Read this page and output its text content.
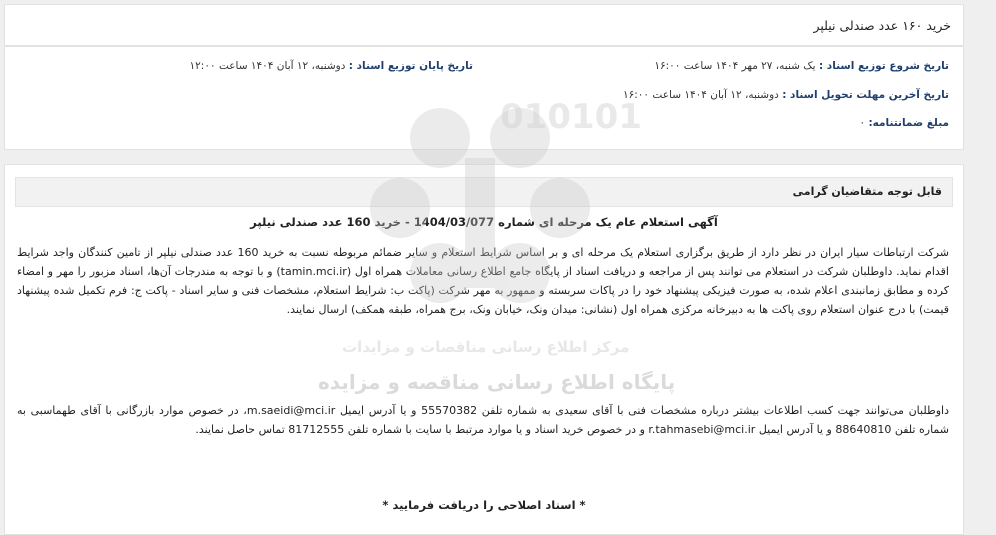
خرید ۱۶۰ عدد صندلی نیلپر
تاریخ شروع توزیع اسناد : یک شنبه، ۲۷ مهر ۱۴۰۴ ساعت ۱۶:۰۰
تاریخ پایان توزیع اسناد : دوشنبه، ۱۲ آبان ۱۴۰۴ ساعت ۱۲:۰۰
تاریخ آخرین مهلت تحویل اسناد : دوشنبه، ۱۲ آبان ۱۴۰۴ ساعت ۱۶:۰۰
مبلغ ضمانتنامه: ۰
قابل توجه متقاضیان گرامی
آگهی استعلام عام یک مرحله ای شماره 1404/03/077 - خرید 160 عدد صندلی نیلپر
شرکت ارتباطات سیار ایران در نظر دارد از طریق برگزاری استعلام یک مرحله ای و بر اساس شرایط استعلام و سایر ضمائم مربوطه نسبت به خرید 160 عدد صندلی نیلپر از تامین کنندگان واجد شرایط اقدام نماید. داوطلبان شرکت در استعلام می توانند پس از مراجعه و دریافت اسناد از پایگاه جامع اطلاع رسانی معاملات همراه اول (tamin.mci.ir) و با توجه به مندرجات آن‌ها، اسناد مزبور را مهر و امضاء کرده و مطابق زمانبندی اعلام شده، به صورت فیزیکی پیشنهاد خود را در پاکات سربسته و ممهور به مهر شرکت (پاکت ب: شرایط استعلام، مشخصات فنی و سایر اسناد - پاکت ج: فرم تکمیل شده پیشنهاد قیمت) با درج عنوان استعلام روی پاکت ها به دبیرخانه مرکزی همراه اول (نشانی: میدان ونک، خیابان ونک، برج همراه، طبقه همکف) ارسال نمایند.
داوطلبان می‌توانند جهت کسب اطلاعات بیشتر درباره مشخصات فنی با آقای سعیدی به شماره تلفن 55570382 و یا آدرس ایمیل m.saeidi@mci.ir، در خصوص موارد بازرگانی با آقای طهماسبی به شماره تلفن 88640810 و یا آدرس ایمیل r.tahmasebi@mci.ir و در خصوص خرید اسناد و یا موارد مرتبط با سایت با شماره تلفن 81712555 تماس حاصل نمایند.
* اسناد اصلاحی را دریافت فرمایید *
010101
مرکز اطلاع رسانی مناقصات و مزایدات
پایگاه اطلاع رسانی مناقصه و مزایده
